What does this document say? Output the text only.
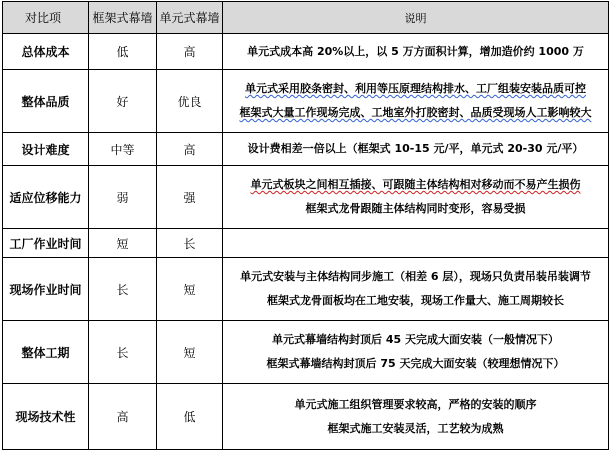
对比项	框架式幕墙	单元式幕墙	说明
总体成本	低	高	单元式成本高 20%以上，以 5 万方面积计算，增加造价约 1000 万

整体品质	好	优良	单元式采用胶条密封、利用等压原理结构排水、工厂组装安装品质可控
框架式大量工作现场完成、工地室外打胶密封、品质受现场人工影响较大

设计难度	中等	高	设计费相差一倍以上（框架式 10-15 元/平，单元式 20-30 元/平）

适应位移能力	弱	强	单元式板块之间相互插接、可跟随主体结构相对移动而不易产生损伤
框架式龙骨跟随主体结构同时变形，容易受损

工厂作业时间	短	长	
现场作业时间	长	短	单元式安装与主体结构同步施工（相差 6 层），现场只负责吊装吊装调节
框架式龙骨面板均在工地安装，现场工作量大、施工周期较长

整体工期	长	短	单元式幕墙结构封顶后 45 天完成大面安装（一般情况下）
框架式幕墙结构封顶后 75 天完成大面安装（较理想情况下）

现场技术性	高	低	单元式施工组织管理要求较高，严格的安装的顺序
框架式施工安装灵活，工艺较为成熟
